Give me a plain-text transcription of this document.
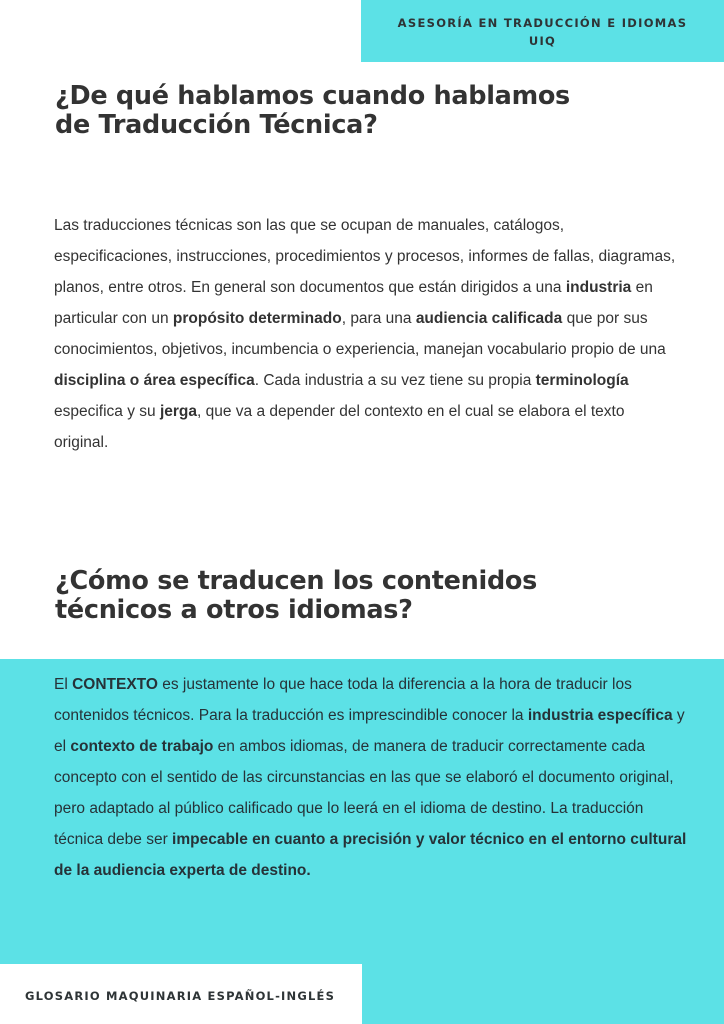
ASESORÍA EN TRADUCCIÓN E IDIOMAS
UIQ
¿De qué hablamos cuando hablamos
de Traducción Técnica?

Las traducciones técnicas son las que se ocupan de manuales, catálogos, especificaciones, instrucciones, procedimientos y procesos, informes de fallas, diagramas, planos, entre otros. En general son documentos que están dirigidos a una industria en particular con un propósito determinado, para una audiencia calificada que por sus conocimientos, objetivos, incumbencia o experiencia, manejan vocabulario propio de una disciplina o área específica. Cada industria a su vez tiene su propia terminología especifica y su jerga, que va a depender del contexto en el cual se elabora el texto original.

¿Cómo se traducen los contenidos
técnicos a otros idiomas?

El CONTEXTO es justamente lo que hace toda la diferencia a la hora de traducir los contenidos técnicos. Para la traducción es imprescindible conocer la industria específica y el contexto de trabajo en ambos idiomas, de manera de traducir correctamente cada concepto con el sentido de las circunstancias en las que se elaboró el documento original, pero adaptado al público calificado que lo leerá en el idioma de destino. La traducción técnica debe ser impecable en cuanto a precisión y valor técnico en el entorno cultural de la audiencia experta de destino.

GLOSARIO MAQUINARIA ESPAÑOL-INGLÉS
